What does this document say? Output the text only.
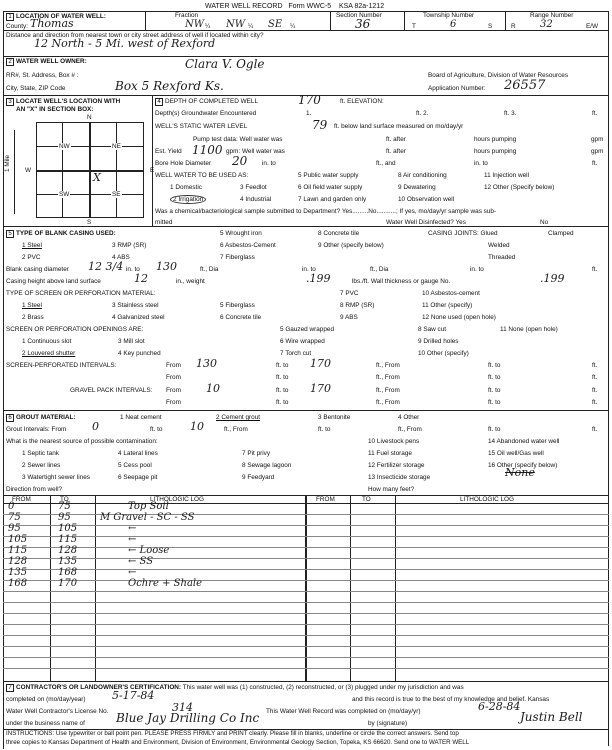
WATER WELL RECORD Form WWC-5 KSA 82a-1212
1 LOCATION OF WATER WELL:	Fraction	Section Number	Township Number	Range Number
County: Thomas	NW ¼ NW ¼ SE ¼	36	T	6	S	R 32	E/W
Distance and direction from nearest town or city street address of well if located within city?
12 North - 5 Mi. west of Rexford
2 WATER WELL OWNER:	Clara V. Ogle
RR#, St. Address, Box # :	Board of Agriculture, Division of Water Resources
City, State, ZIP Code	Box 5 Rexford Ks.	Application Number: 26557
3 LOCATE WELL'S LOCATION WITH
AN "X" IN SECTION BOX:
N
S
W	E
1 Mile
NW	NE
SW	SE
X
4 DEPTH OF COMPLETED WELL	170	ft. ELEVATION:
Depth(s) Groundwater Encountered	1.	ft. 2.	ft. 3.	ft.
WELL'S STATIC WATER LEVEL	79 ft. below land surface measured on mo/day/yr
Pump test data: Well water was	ft. after	hours pumping	gpm
Est. Yield 1100 gpm: Well water was	ft. after	hours pumping	gpm
Bore Hole Diameter 20 in. to	ft., and	in. to	ft.
WELL WATER TO BE USED AS:	5 Public water supply	8 Air conditioning	11 Injection well
1 Domestic	3 Feedlot	6 Oil field water supply	9 Dewatering	12 Other (Specify below)
2 Irrigation	4 Industrial	7 Lawn and garden only	10 Observation well
Was a chemical/bacteriological sample submitted to Department? Yes.........No...........; If yes, mo/day/yr sample was sub-
mitted	Water Well Disinfected? Yes	No
5 TYPE OF BLANK CASING USED:
1 Steel	3 RMP (SR)
5 Wrought iron	8 Concrete tile
2 PVC	4 ABS
6 Asbestos-Cement	9 Other (specify below)
7 Fiberglass
CASING JOINTS: Glued	Clamped
Welded
Threaded
Blank casing diameter 12 3/4 in. to 130	ft., Dia	in. to	ft., Dia	in. to	ft.
Casing height above land surface	12	in., weight	.199	lbs./ft. Wall thickness or gauge No.	.199
TYPE OF SCREEN OR PERFORATION MATERIAL:
1 Steel	3 Stainless steel	5 Fiberglass
7 PVC	10 Asbestos-cement
2 Brass	4 Galvanized steel	6 Concrete tile
8 RMP (SR)	11 Other (specify)
9 ABS	12 None used (open hole)
SCREEN OR PERFORATION OPENINGS ARE:	5 Gauzed wrapped	8 Saw cut	11 None (open hole)
1 Continuous slot	3 Mill slot	6 Wire wrapped	9 Drilled holes
2 Louvered shutter	4 Key punched	7 Torch cut	10 Other (specify)
SCREEN-PERFORATED INTERVALS:	From 130	ft. to 170	ft., From	ft. to	ft.
From	ft. to	ft., From	ft. to	ft.
GRAVEL PACK INTERVALS: From 10	ft. to 170	ft., From	ft. to	ft.
From	ft. to	ft., From	ft. to	ft.
6 GROUT MATERIAL:	1 Neat cement	2 Cement grout	3 Bentonite	4 Other
Grout Intervals: From 0	ft. to	10	ft., From	ft. to	ft., From	ft. to	ft.
What is the nearest source of possible contamination:	10 Livestock pens	14 Abandoned water well
1 Septic tank	4 Lateral lines	7 Pit privy	11 Fuel storage	15 Oil well/Gas well
2 Sewer lines	5 Cess pool	8 Sewage lagoon	12 Fertilizer storage	16 Other (specify below)
3 Watertight sewer lines	6 Seepage pit	9 Feedyard	13 Insecticide storage	None
Direction from well?	How many feet?
FROM	TO	LITHOLOGIC LOG	FROM	TO	LITHOLOGIC LOG
0	75	Top Soil
75	95	M Gravel - SC - SS
95	105	←
105	115	←
115	128	← Loose
128	135	← SS
135	168	←
168	170	Ochre + Shale
7 CONTRACTOR'S OR LANDOWNER'S CERTIFICATION: This water well was (1) constructed, (2) reconstructed, or (3) plugged under my jurisdiction and was
completed on (mo/day/year) 5-17-84	and this record is true to the best of my knowledge and belief. Kansas
Water Well Contractor's License No.	314	This Water Well Record was completed on (mo/day/yr)	6-28-84
under the business name of	Blue Jay Drilling Co Inc	by (signature)	Justin Bell
INSTRUCTIONS: Use typewriter or ball point pen. PLEASE PRESS FIRMLY and PRINT clearly. Please fill in blanks, underline or circle the correct answers. Send top
three copies to Kansas Department of Health and Environment, Division of Environment, Environmental Geology Section, Topeka, KS 66620. Send one to WATER WELL
